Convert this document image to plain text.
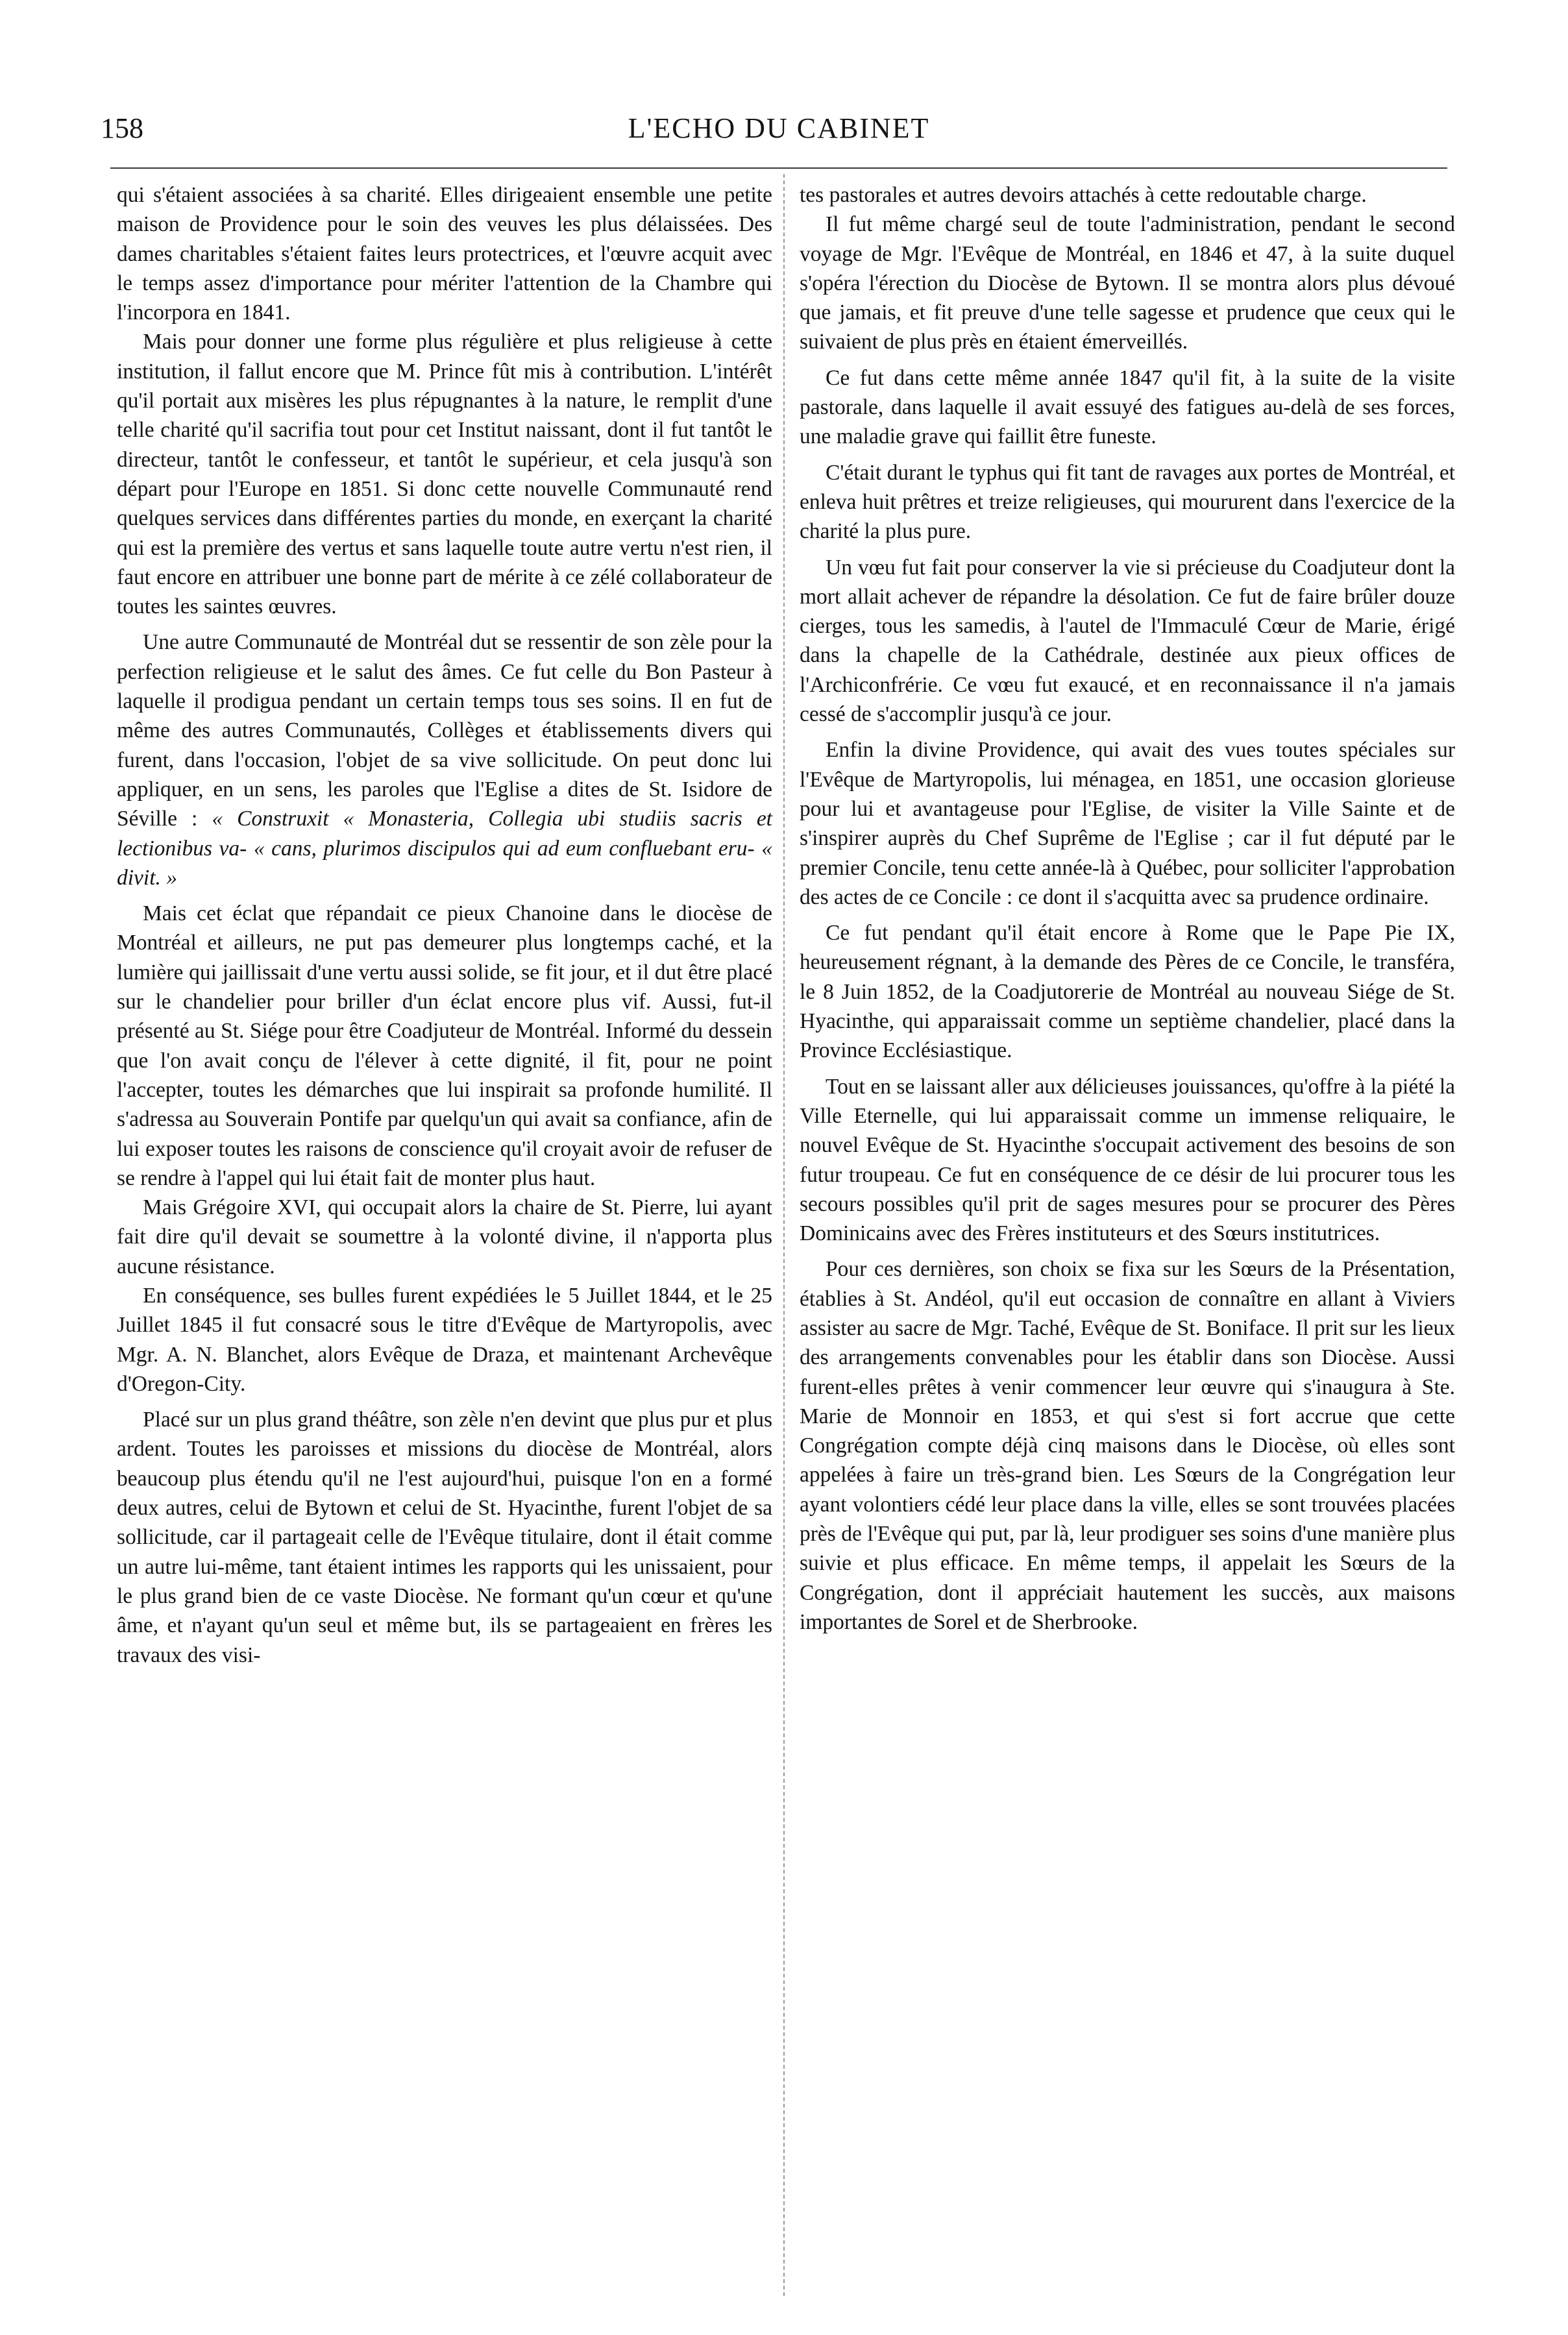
158	L'ECHO DU CABINET

qui s'étaient associées à sa charité. Elles dirigeaient ensemble une petite maison de Providence pour le soin des veuves les plus délaissées. Des dames charitables s'étaient faites leurs protectrices, et l'œuvre acquit avec le temps assez d'importance pour mériter l'attention de la Chambre qui l'incorpora en 1841.

Mais pour donner une forme plus régulière et plus religieuse à cette institution, il fallut encore que M. Prince fût mis à contribution. L'intérêt qu'il portait aux misères les plus répugnantes à la nature, le remplit d'une telle charité qu'il sacrifia tout pour cet Institut naissant, dont il fut tantôt le directeur, tantôt le confesseur, et tantôt le supérieur, et cela jusqu'à son départ pour l'Europe en 1851. Si donc cette nouvelle Communauté rend quelques services dans différentes parties du monde, en exerçant la charité qui est la première des vertus et sans laquelle toute autre vertu n'est rien, il faut encore en attribuer une bonne part de mérite à ce zélé collaborateur de toutes les saintes œuvres.

Une autre Communauté de Montréal dut se ressentir de son zèle pour la perfection religieuse et le salut des âmes. Ce fut celle du Bon Pasteur à laquelle il prodigua pendant un certain temps tous ses soins. Il en fut de même des autres Communautés, Collèges et établissements divers qui furent, dans l'occasion, l'objet de sa vive sollicitude. On peut donc lui appliquer, en un sens, les paroles que l'Eglise a dites de St. Isidore de Séville : « Construxit « Monasteria, Collegia ubi studiis sacris et lectionibus va- « cans, plurimos discipulos qui ad eum confluebant eru- « divit. »

Mais cet éclat que répandait ce pieux Chanoine dans le diocèse de Montréal et ailleurs, ne put pas demeurer plus longtemps caché, et la lumière qui jaillissait d'une vertu aussi solide, se fit jour, et il dut être placé sur le chandelier pour briller d'un éclat encore plus vif. Aussi, fut-il présenté au St. Siége pour être Coadjuteur de Montréal. Informé du dessein que l'on avait conçu de l'élever à cette dignité, il fit, pour ne point l'accepter, toutes les démarches que lui inspirait sa profonde humilité. Il s'adressa au Souverain Pontife par quelqu'un qui avait sa confiance, afin de lui exposer toutes les raisons de conscience qu'il croyait avoir de refuser de se rendre à l'appel qui lui était fait de monter plus haut.

Mais Grégoire XVI, qui occupait alors la chaire de St. Pierre, lui ayant fait dire qu'il devait se soumettre à la volonté divine, il n'apporta plus aucune résistance.

En conséquence, ses bulles furent expédiées le 5 Juillet 1844, et le 25 Juillet 1845 il fut consacré sous le titre d'Evêque de Martyropolis, avec Mgr. A. N. Blanchet, alors Evêque de Draza, et maintenant Archevêque d'Oregon-City.

Placé sur un plus grand théâtre, son zèle n'en devint que plus pur et plus ardent. Toutes les paroisses et missions du diocèse de Montréal, alors beaucoup plus étendu qu'il ne l'est aujourd'hui, puisque l'on en a formé deux autres, celui de Bytown et celui de St. Hyacinthe, furent l'objet de sa sollicitude, car il partageait celle de l'Evêque titulaire, dont il était comme un autre lui-même, tant étaient intimes les rapports qui les unissaient, pour le plus grand bien de ce vaste Diocèse. Ne formant qu'un cœur et qu'une âme, et n'ayant qu'un seul et même but, ils se partageaient en frères les travaux des visi-

tes pastorales et autres devoirs attachés à cette redoutable charge.

Il fut même chargé seul de toute l'administration, pendant le second voyage de Mgr. l'Evêque de Montréal, en 1846 et 47, à la suite duquel s'opéra l'érection du Diocèse de Bytown. Il se montra alors plus dévoué que jamais, et fit preuve d'une telle sagesse et prudence que ceux qui le suivaient de plus près en étaient émerveillés.

Ce fut dans cette même année 1847 qu'il fit, à la suite de la visite pastorale, dans laquelle il avait essuyé des fatigues au-delà de ses forces, une maladie grave qui faillit être funeste.

C'était durant le typhus qui fit tant de ravages aux portes de Montréal, et enleva huit prêtres et treize religieuses, qui moururent dans l'exercice de la charité la plus pure.

Un vœu fut fait pour conserver la vie si précieuse du Coadjuteur dont la mort allait achever de répandre la désolation. Ce fut de faire brûler douze cierges, tous les samedis, à l'autel de l'Immaculé Cœur de Marie, érigé dans la chapelle de la Cathédrale, destinée aux pieux offices de l'Archiconfrérie. Ce vœu fut exaucé, et en reconnaissance il n'a jamais cessé de s'accomplir jusqu'à ce jour.

Enfin la divine Providence, qui avait des vues toutes spéciales sur l'Evêque de Martyropolis, lui ménagea, en 1851, une occasion glorieuse pour lui et avantageuse pour l'Eglise, de visiter la Ville Sainte et de s'inspirer auprès du Chef Suprême de l'Eglise ; car il fut député par le premier Concile, tenu cette année-là à Québec, pour solliciter l'approbation des actes de ce Concile : ce dont il s'acquitta avec sa prudence ordinaire.

Ce fut pendant qu'il était encore à Rome que le Pape Pie IX, heureusement régnant, à la demande des Pères de ce Concile, le transféra, le 8 Juin 1852, de la Coadjutorerie de Montréal au nouveau Siége de St. Hyacinthe, qui apparaissait comme un septième chandelier, placé dans la Province Ecclésiastique.

Tout en se laissant aller aux délicieuses jouissances, qu'offre à la piété la Ville Eternelle, qui lui apparaissait comme un immense reliquaire, le nouvel Evêque de St. Hyacinthe s'occupait activement des besoins de son futur troupeau. Ce fut en conséquence de ce désir de lui procurer tous les secours possibles qu'il prit de sages mesures pour se procurer des Pères Dominicains avec des Frères instituteurs et des Sœurs institutrices.

Pour ces dernières, son choix se fixa sur les Sœurs de la Présentation, établies à St. Andéol, qu'il eut occasion de connaître en allant à Viviers assister au sacre de Mgr. Taché, Evêque de St. Boniface. Il prit sur les lieux des arrangements convenables pour les établir dans son Diocèse. Aussi furent-elles prêtes à venir commencer leur œuvre qui s'inaugura à Ste. Marie de Monnoir en 1853, et qui s'est si fort accrue que cette Congrégation compte déjà cinq maisons dans le Diocèse, où elles sont appelées à faire un très-grand bien. Les Sœurs de la Congrégation leur ayant volontiers cédé leur place dans la ville, elles se sont trouvées placées près de l'Evêque qui put, par là, leur prodiguer ses soins d'une manière plus suivie et plus efficace. En même temps, il appelait les Sœurs de la Congrégation, dont il appréciait hautement les succès, aux maisons importantes de Sorel et de Sherbrooke.
